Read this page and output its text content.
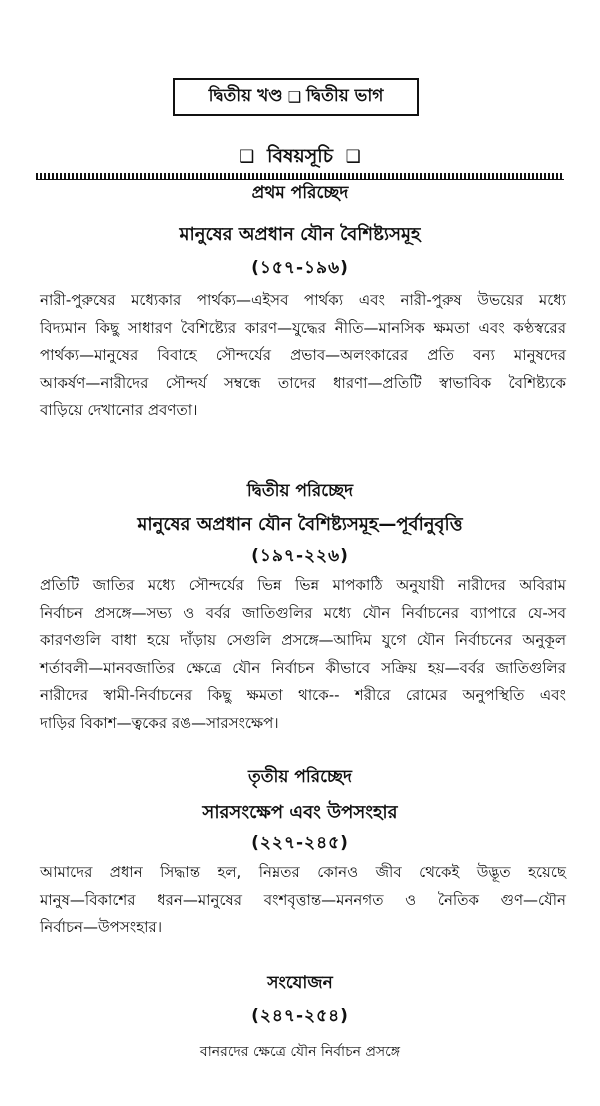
দ্বিতীয় খণ্ড ❑ দ্বিতীয় ভাগ
❑ বিষয়সূচি ❑
প্রথম পরিচ্ছেদ
মানুষের অপ্রধান যৌন বৈশিষ্ট্যসমূহ
(১৫৭-১৯৬)
নারী-পুরুষের মধ্যেকার পার্থক্য—এইসব পার্থক্য এবং নারী-পুরুষ উভয়ের মধ্যে
বিদ্যমান কিছু সাধারণ বৈশিষ্ট্যের কারণ—যুদ্ধের নীতি—মানসিক ক্ষমতা এবং কণ্ঠস্বরের
পার্থক্য—মানুষের বিবাহে সৌন্দর্যের প্রভাব—অলংকারের প্রতি বন্য মানুষদের
আকর্ষণ—নারীদের সৌন্দর্য সম্বন্ধে তাদের ধারণা—প্রতিটি স্বাভাবিক বৈশিষ্ট্যকে
বাড়িয়ে দেখানোর প্রবণতা।
দ্বিতীয় পরিচ্ছেদ
মানুষের অপ্রধান যৌন বৈশিষ্ট্যসমূহ—পূর্বানুবৃত্তি
(১৯৭-২২৬)
প্রতিটি জাতির মধ্যে সৌন্দর্যের ভিন্ন ভিন্ন মাপকাঠি অনুযায়ী নারীদের অবিরাম
নির্বাচন প্রসঙ্গে—সভ্য ও বর্বর জাতিগুলির মধ্যে যৌন নির্বাচনের ব্যাপারে যে-সব
কারণগুলি বাধা হয়ে দাঁড়ায় সেগুলি প্রসঙ্গে—আদিম যুগে যৌন নির্বাচনের অনুকূল
শর্তাবলী—মানবজাতির ক্ষেত্রে যৌন নির্বাচন কীভাবে সক্রিয় হয়—বর্বর জাতিগুলির
নারীদের স্বামী-নির্বাচনের কিছু ক্ষমতা থাকে-- শরীরে রোমের অনুপস্থিতি এবং
দাড়ির বিকাশ—ত্বকের রঙ—সারসংক্ষেপ।
তৃতীয় পরিচ্ছেদ
সারসংক্ষেপ এবং উপসংহার
(২২৭-২৪৫)
আমাদের প্রধান সিদ্ধান্ত হল, নিম্নতর কোনও জীব থেকেই উদ্ভূত হয়েছে
মানুষ—বিকাশের ধরন—মানুষের বংশবৃত্তান্ত—মননগত ও নৈতিক গুণ—যৌন
নির্বাচন—উপসংহার।
সংযোজন
(২৪৭-২৫৪)
বানরদের ক্ষেত্রে যৌন নির্বাচন প্রসঙ্গে
